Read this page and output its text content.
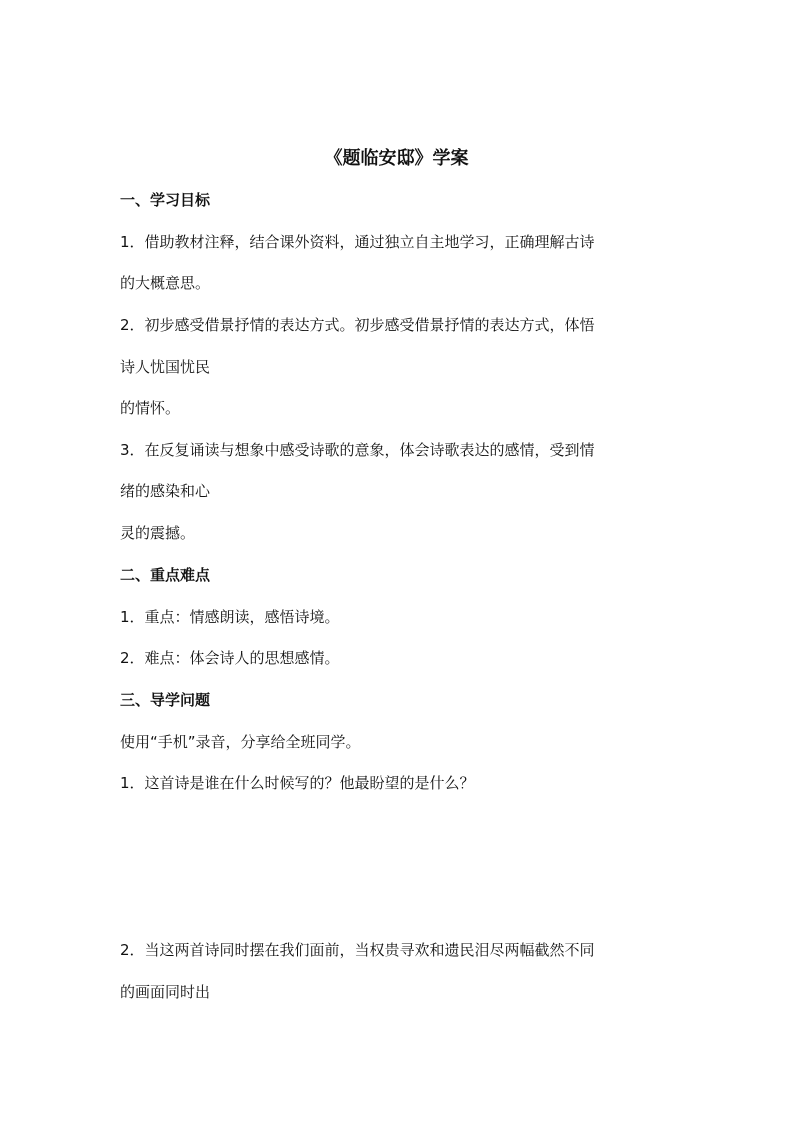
《题临安邸》学案
一、学习目标
1．借助教材注释，结合课外资料，通过独立自主地学习，正确理解古诗
的大概意思。
2．初步感受借景抒情的表达方式。初步感受借景抒情的表达方式，体悟
诗人忧国忧民
的情怀。
3．在反复诵读与想象中感受诗歌的意象，体会诗歌表达的感情，受到情
绪的感染和心
灵的震撼。
二、重点难点
1．重点：情感朗读，感悟诗境。
2．难点：体会诗人的思想感情。
三、导学问题
使用“手机”录音，分享给全班同学。
1．这首诗是谁在什么时候写的？他最盼望的是什么？
2．当这两首诗同时摆在我们面前，当权贵寻欢和遗民泪尽两幅截然不同
的画面同时出
